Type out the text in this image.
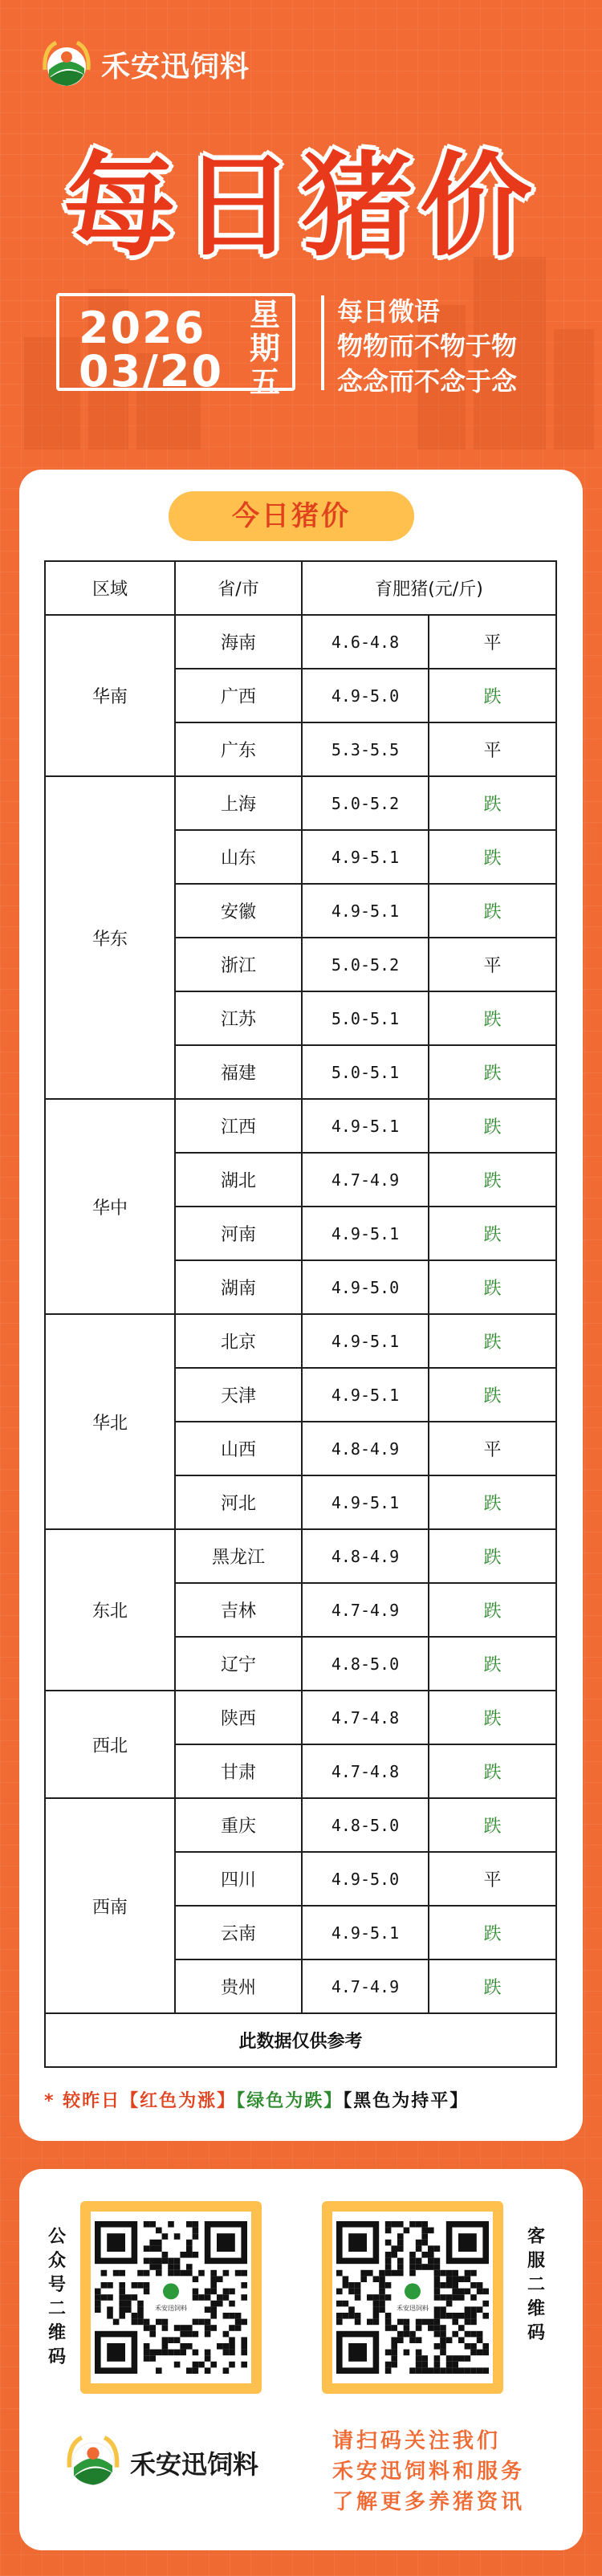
禾安迅饲料
每日猪价
2026
03/20
星
期
五
每日微语
物物而不物于物
念念而不念于念
今日猪价
区域	省/市	育肥猪(元/斤)	
华南	海南	4.6-4.8	平
	广西	4.9-5.0	跌
	广东	5.3-5.5	平
华东	上海	5.0-5.2	跌
	山东	4.9-5.1	跌
	安徽	4.9-5.1	跌
	浙江	5.0-5.2	平
	江苏	5.0-5.1	跌
	福建	5.0-5.1	跌
华中	江西	4.9-5.1	跌
	湖北	4.7-4.9	跌
	河南	4.9-5.1	跌
	湖南	4.9-5.0	跌
华北	北京	4.9-5.1	跌
	天津	4.9-5.1	跌
	山西	4.8-4.9	平
	河北	4.9-5.1	跌
东北	黑龙江	4.8-4.9	跌
	吉林	4.7-4.9	跌
	辽宁	4.8-5.0	跌
西北	陕西	4.7-4.8	跌
	甘肃	4.7-4.8	跌
西南	重庆	4.8-5.0	跌
	四川	4.9-5.0	平
	云南	4.9-5.1	跌
	贵州	4.7-4.9	跌
此数据仅供参考			
* 较昨日【红色为涨】【绿色为跌】【黑色为持平】
公
众
号
二
维
码
禾安迅饲料	禾安迅饲料
客
服
二
维
码
禾安迅饲料
请扫码关注我们
禾安迅饲料和服务
了解更多养猪资讯
